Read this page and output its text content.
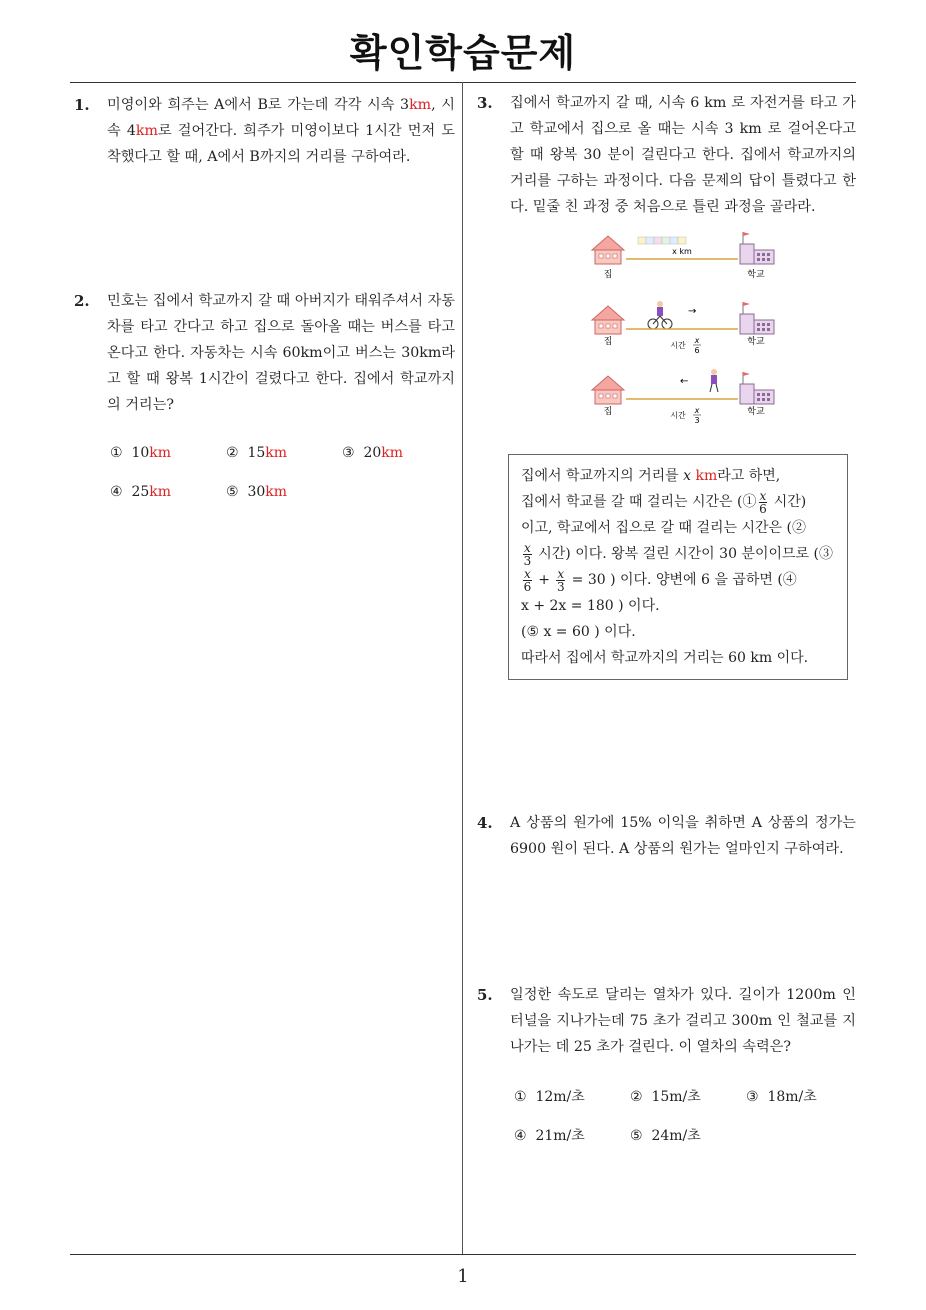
확인학습문제
1. 미영이와 희주는 A에서 B로 가는데 각각 시속 3km, 시속 4km로 걸어간다. 희주가 미영이보다 1시간 먼저 도착했다고 할 때, A에서 B까지의 거리를 구하여라.
2. 민호는 집에서 학교까지 갈 때 아버지가 태워주셔서 자동차를 타고 간다고 하고 집으로 돌아올 때는 버스를 타고 온다고 한다. 자동차는 시속 60km이고 버스는 30km라고 할 때 왕복 1시간이 걸렸다고 한다. 집에서 학교까지의 거리는?
① 10km	② 15km	③ 20km
④ 25km	⑤ 30km
3. 집에서 학교까지 갈 때, 시속 6 km 로 자전거를 타고 가고 학교에서 집으로 올 때는 시속 3 km 로 걸어온다고 할 때 왕복 30 분이 걸린다고 한다. 집에서 학교까지의 거리를 구하는 과정이다. 다음 문제의 답이 틀렸다고 한다. 밑줄 친 과정 중 처음으로 틀린 과정을 골라라.
x km
집	학교
→
집	시간
x
6
학교
←
집	시간
x
3
학교

집에서 학교까지의 거리를 x km라고 하면,

집에서 학교를 갈 때 걸리는 시간은 (① $\frac{x}{6}$ 시간)

이고, 학교에서 집으로 갈 때 걸리는 시간은 (②

$\frac{x}{3}$ 시간) 이다. 왕복 걸린 시간이 30 분이이므로 (③

$\frac{x}{6} + \frac{x}{3} = 30$ ) 이다. 양변에 6 을 곱하면 (④

x + 2x = 180 ) 이다.

(⑤ x = 60 ) 이다.

따라서 집에서 학교까지의 거리는 60 km 이다.

4. A 상품의 원가에 15% 이익을 취하면 A 상품의 정가는 6900 원이 된다. A 상품의 원가는 얼마인지 구하여라.
5. 일정한 속도로 달리는 열차가 있다. 길이가 1200m 인 터널을 지나가는데 75 초가 걸리고 300m 인 철교를 지나가는 데 25 초가 걸린다. 이 열차의 속력은?
① 12m/초	② 15m/초	③ 18m/초
④ 21m/초	⑤ 24m/초
1
